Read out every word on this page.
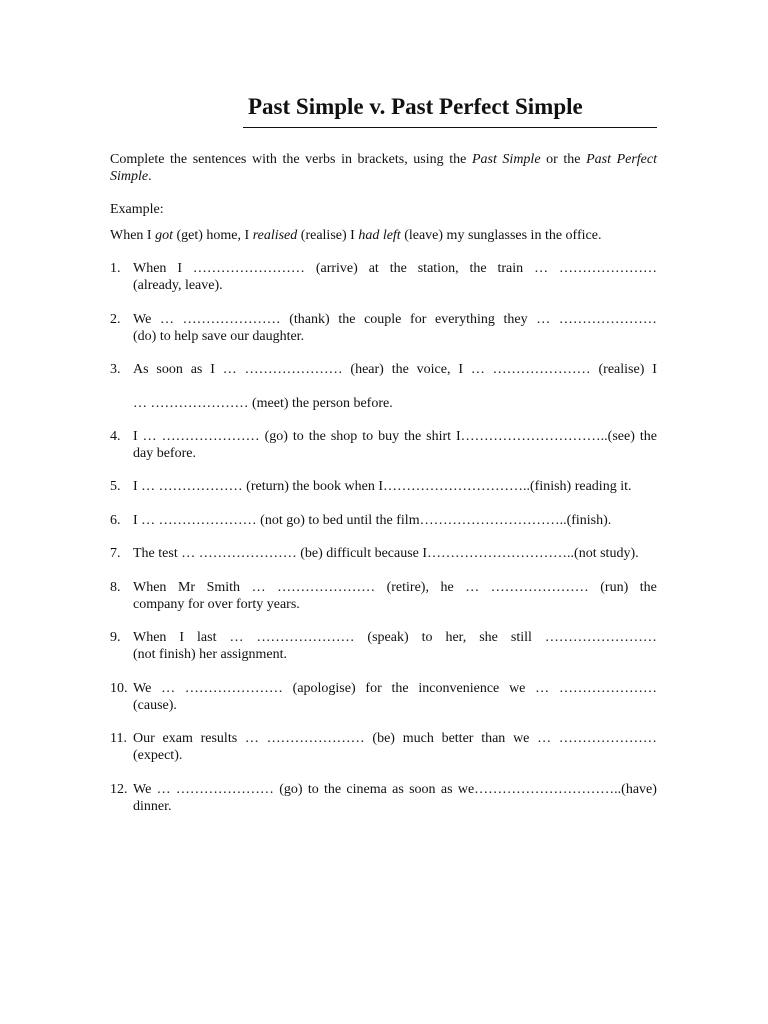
Past Simple v. Past Perfect Simple
Complete the sentences with the verbs in brackets, using the Past Simple or the Past Perfect Simple.
Example:
When I got (get) home, I realised (realise) I had left (leave) my sunglasses in the office.
1. When I …………………… (arrive) at the station, the train … …………………
(already, leave).
2. We … ………………… (thank) the couple for everything they … …………………
(do) to help save our daughter.
3. As soon as I … ………………… (hear) the voice, I … ………………… (realise) I
… ………………… (meet) the person before.
4. I … ………………… (go) to the shop to buy the shirt I…………………………..(see) the
day before.
5. I … ……………… (return) the book when I…………………………..(finish) reading it.
6. I … ………………… (not go) to bed until the film…………………………..(finish).
7. The test … ………………… (be) difficult because I…………………………..(not study).
8. When Mr Smith … ………………… (retire), he … ………………… (run) the
company for over forty years.
9. When I last … ………………… (speak) to her, she still ……………………
(not finish) her assignment.
10. We … ………………… (apologise) for the inconvenience we … …………………
(cause).
11. Our exam results … ………………… (be) much better than we … …………………
(expect).
12. We … ………………… (go) to the cinema as soon as we…………………………..(have)
dinner.
